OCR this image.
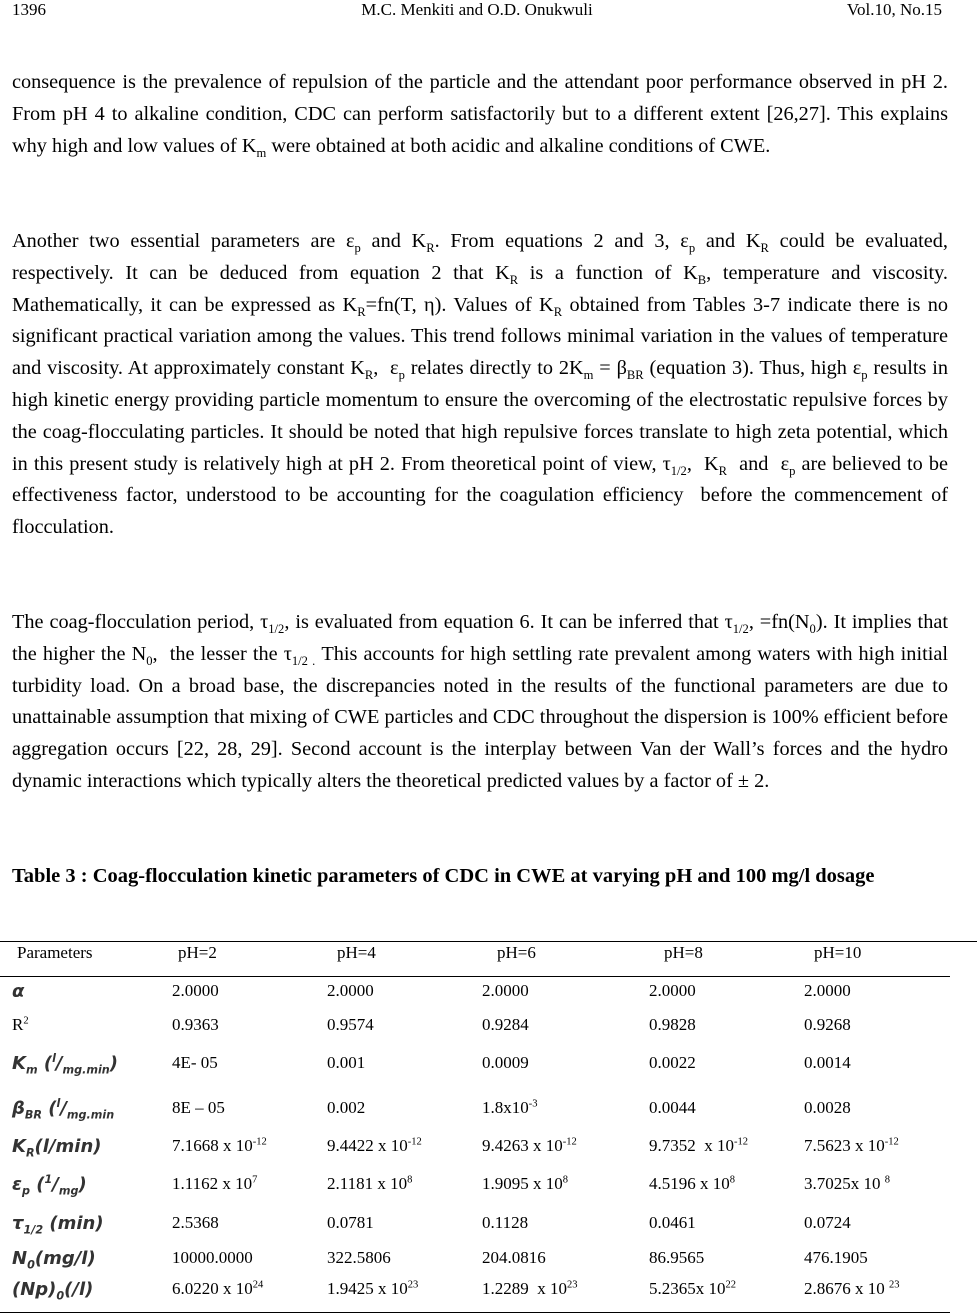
1396	M.C. Menkiti and O.D. Onukwuli	Vol.10, No.15

consequence is the prevalence of repulsion of the particle and the attendant poor performance observed in pH 2. From pH 4 to alkaline condition, CDC can perform satisfactorily but to a different extent [26,27]. This explains why high and low values of $K_m$ were obtained at both acidic and alkaline conditions of CWE.

Another two essential parameters are $\varepsilon_p$ and $K_R$. From equations 2 and 3, $\varepsilon_p$ and $K_R$ could be evaluated, respectively. It can be deduced from equation 2 that $K_R$ is a function of $K_B$, temperature and viscosity. Mathematically, it can be expressed as $K_R=fn(T$, η). Values of $K_R$ obtained from Tables 3-7 indicate there is no significant practical variation among the values. This trend follows minimal variation in the values of temperature and viscosity. At approximately constant $K_R$,  $\varepsilon_p$ relates directly to $2K_m = \beta_{BR}$ (equation 3). Thus, high $\varepsilon_p$ results in high kinetic energy providing particle momentum to ensure the overcoming of the electrostatic repulsive forces by the coag-flocculating particles. It should be noted that high repulsive forces translate to high zeta potential, which in this present study is relatively high at pH 2. From theoretical point of view, $\tau_{1/2}$,  $K_R$  and  $\varepsilon_p$ are believed to be effectiveness factor, understood to be accounting for the coagulation efficiency  before the commencement of flocculation.

The coag-flocculation period, $\tau_{1/2}$, is evaluated from equation 6. It can be inferred that $\tau_{1/2}$, $=fn(N_0)$. It implies that the higher the $N_0$,  the lesser the $\tau_{1/2 .}$ This accounts for high settling rate prevalent among waters with high initial turbidity load. On a broad base, the discrepancies noted in the results of the functional parameters are due to unattainable assumption that mixing of CWE particles and CDC throughout the dispersion is 100% efficient before aggregation occurs [22, 28, 29]. Second account is the interplay between Van der Wall’s forces and the hydro dynamic interactions which typically alters the theoretical predicted values by a factor of ± 2.

Table 3 : Coag-flocculation kinetic parameters of CDC in CWE at varying pH and 100 mg/l dosage

Parameters	pH=2	pH=4	pH=6	pH=8	pH=10
α	2.0000	2.0000	2.0000	2.0000	2.0000
$R^2$	0.9363	0.9574	0.9284	0.9828	0.9268
$K_m$ $(^l/_{mg.min})$	4E- 05	0.001	0.0009	0.0022	0.0014
$\beta_{BR}$ ($^l/_{mg.min}$	8E – 05	0.002	$1.8x10^{-3}$	0.0044	0.0028
$K_R(l/\min)$	7.1668 x $10^{-12}$	9.4422 x $10^{-12}$	9.4263 x $10^{-12}$	9.7352  x $10^{-12}$	7.5623 x $10^{-12}$
$\varepsilon_p$ $(^1/_{mg})$	1.1162 x $10^7$	2.1181 x $10^8$	1.9095 x $10^8$	4.5196 x $10^8$	3.7025x 10 $^8$
$\tau_{1/2}$ (min)	2.5368	0.0781	0.1128	0.0461	0.0724
$N_0(mg/l)$	10000.0000	322.5806	204.0816	86.9565	476.1905
$(Np)_0(/l)$	6.0220 x $10^{24}$	1.9425 x $10^{23}$	1.2289  x $10^{23}$	5.2365x $10^{22}$	2.8676 x 10 $^{23}$
